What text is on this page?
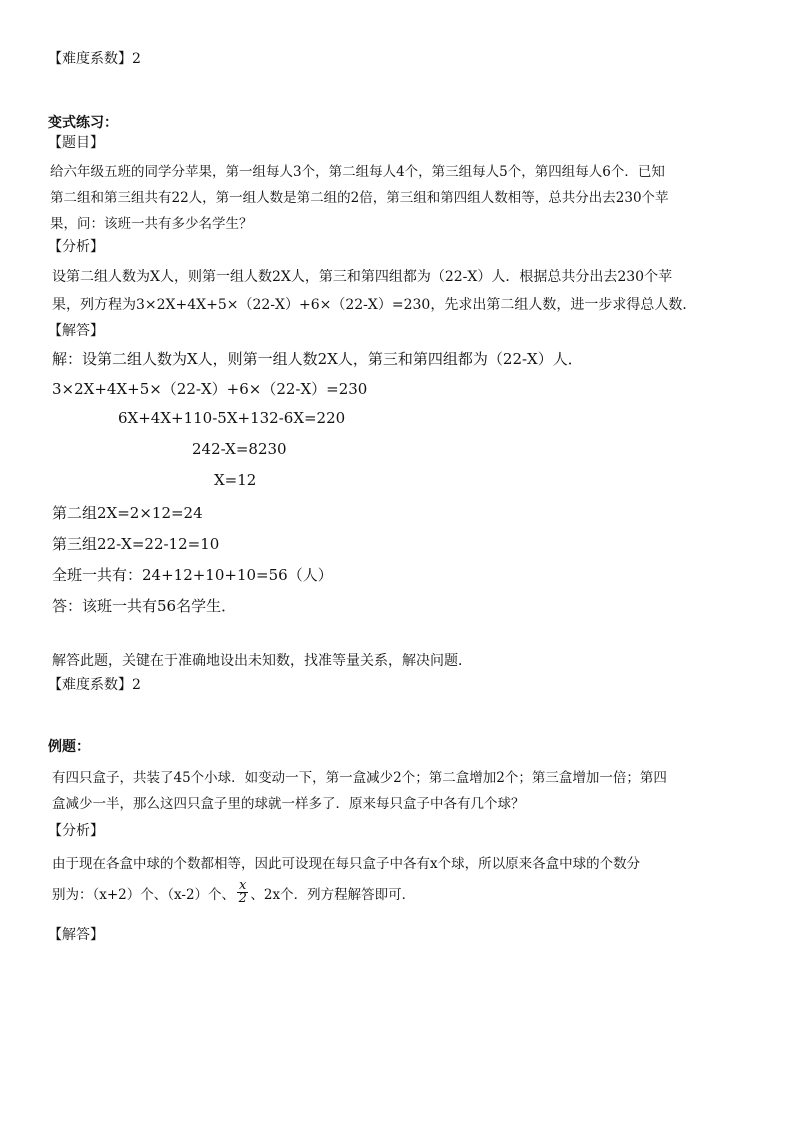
【难度系数】2
变式练习：
【题目】
给六年级五班的同学分苹果，第一组每人3个，第二组每人4个，第三组每人5个，第四组每人6个．已知
第二组和第三组共有22人，第一组人数是第二组的2倍，第三组和第四组人数相等，总共分出去230个苹
果，问：该班一共有多少名学生？
【分析】
设第二组人数为X人，则第一组人数2X人，第三和第四组都为（22-X）人．根据总共分出去230个苹
果，列方程为3×2X+4X+5×（22-X）+6×（22-X）=230，先求出第二组人数，进一步求得总人数．
【解答】
解：设第二组人数为X人，则第一组人数2X人，第三和第四组都为（22-X）人．
3×2X+4X+5×（22-X）+6×（22-X）=230
6X+4X+110-5X+132-6X=220
242-X=8230
X=12
第二组2X=2×12=24
第三组22-X=22-12=10
全班一共有：24+12+10+10=56（人）
答：该班一共有56名学生．
解答此题，关键在于准确地设出未知数，找准等量关系，解决问题．
【难度系数】2
例题：
有四只盒子，共装了45个小球．如变动一下，第一盒减少2个；第二盒增加2个；第三盒增加一倍；第四
盒减少一半，那么这四只盒子里的球就一样多了．原来每只盒子中各有几个球？
【分析】
由于现在各盒中球的个数都相等，因此可设现在每只盒子中各有x个球，所以原来各盒中球的个数分
别为：（x+2）个、（x-2）个、 $\frac{x}{2}$ 、2x个．列方程解答即可．
【解答】
